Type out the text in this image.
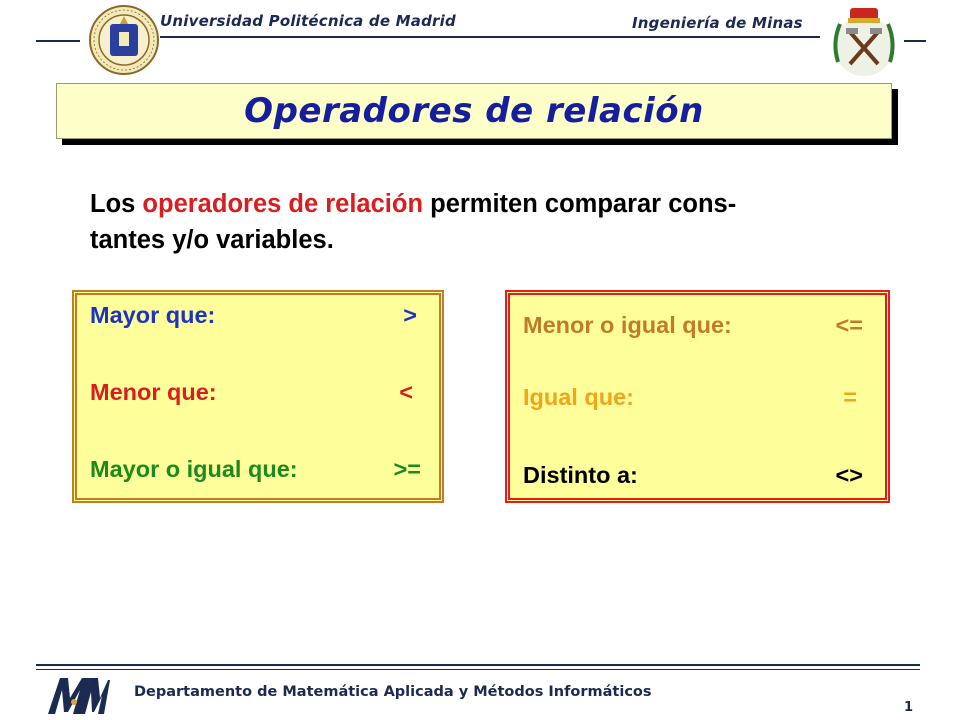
Universidad Politécnica de Madrid	Ingeniería de Minas
Operadores de relación
Los operadores de relación permiten comparar cons-
tantes y/o variables.
Mayor que:	>
Menor que:	<
Mayor o igual que:	>=
Menor o igual que:	<=
Igual que:	=
Distinto a:	<>
Departamento de Matemática Aplicada y Métodos Informáticos
1
